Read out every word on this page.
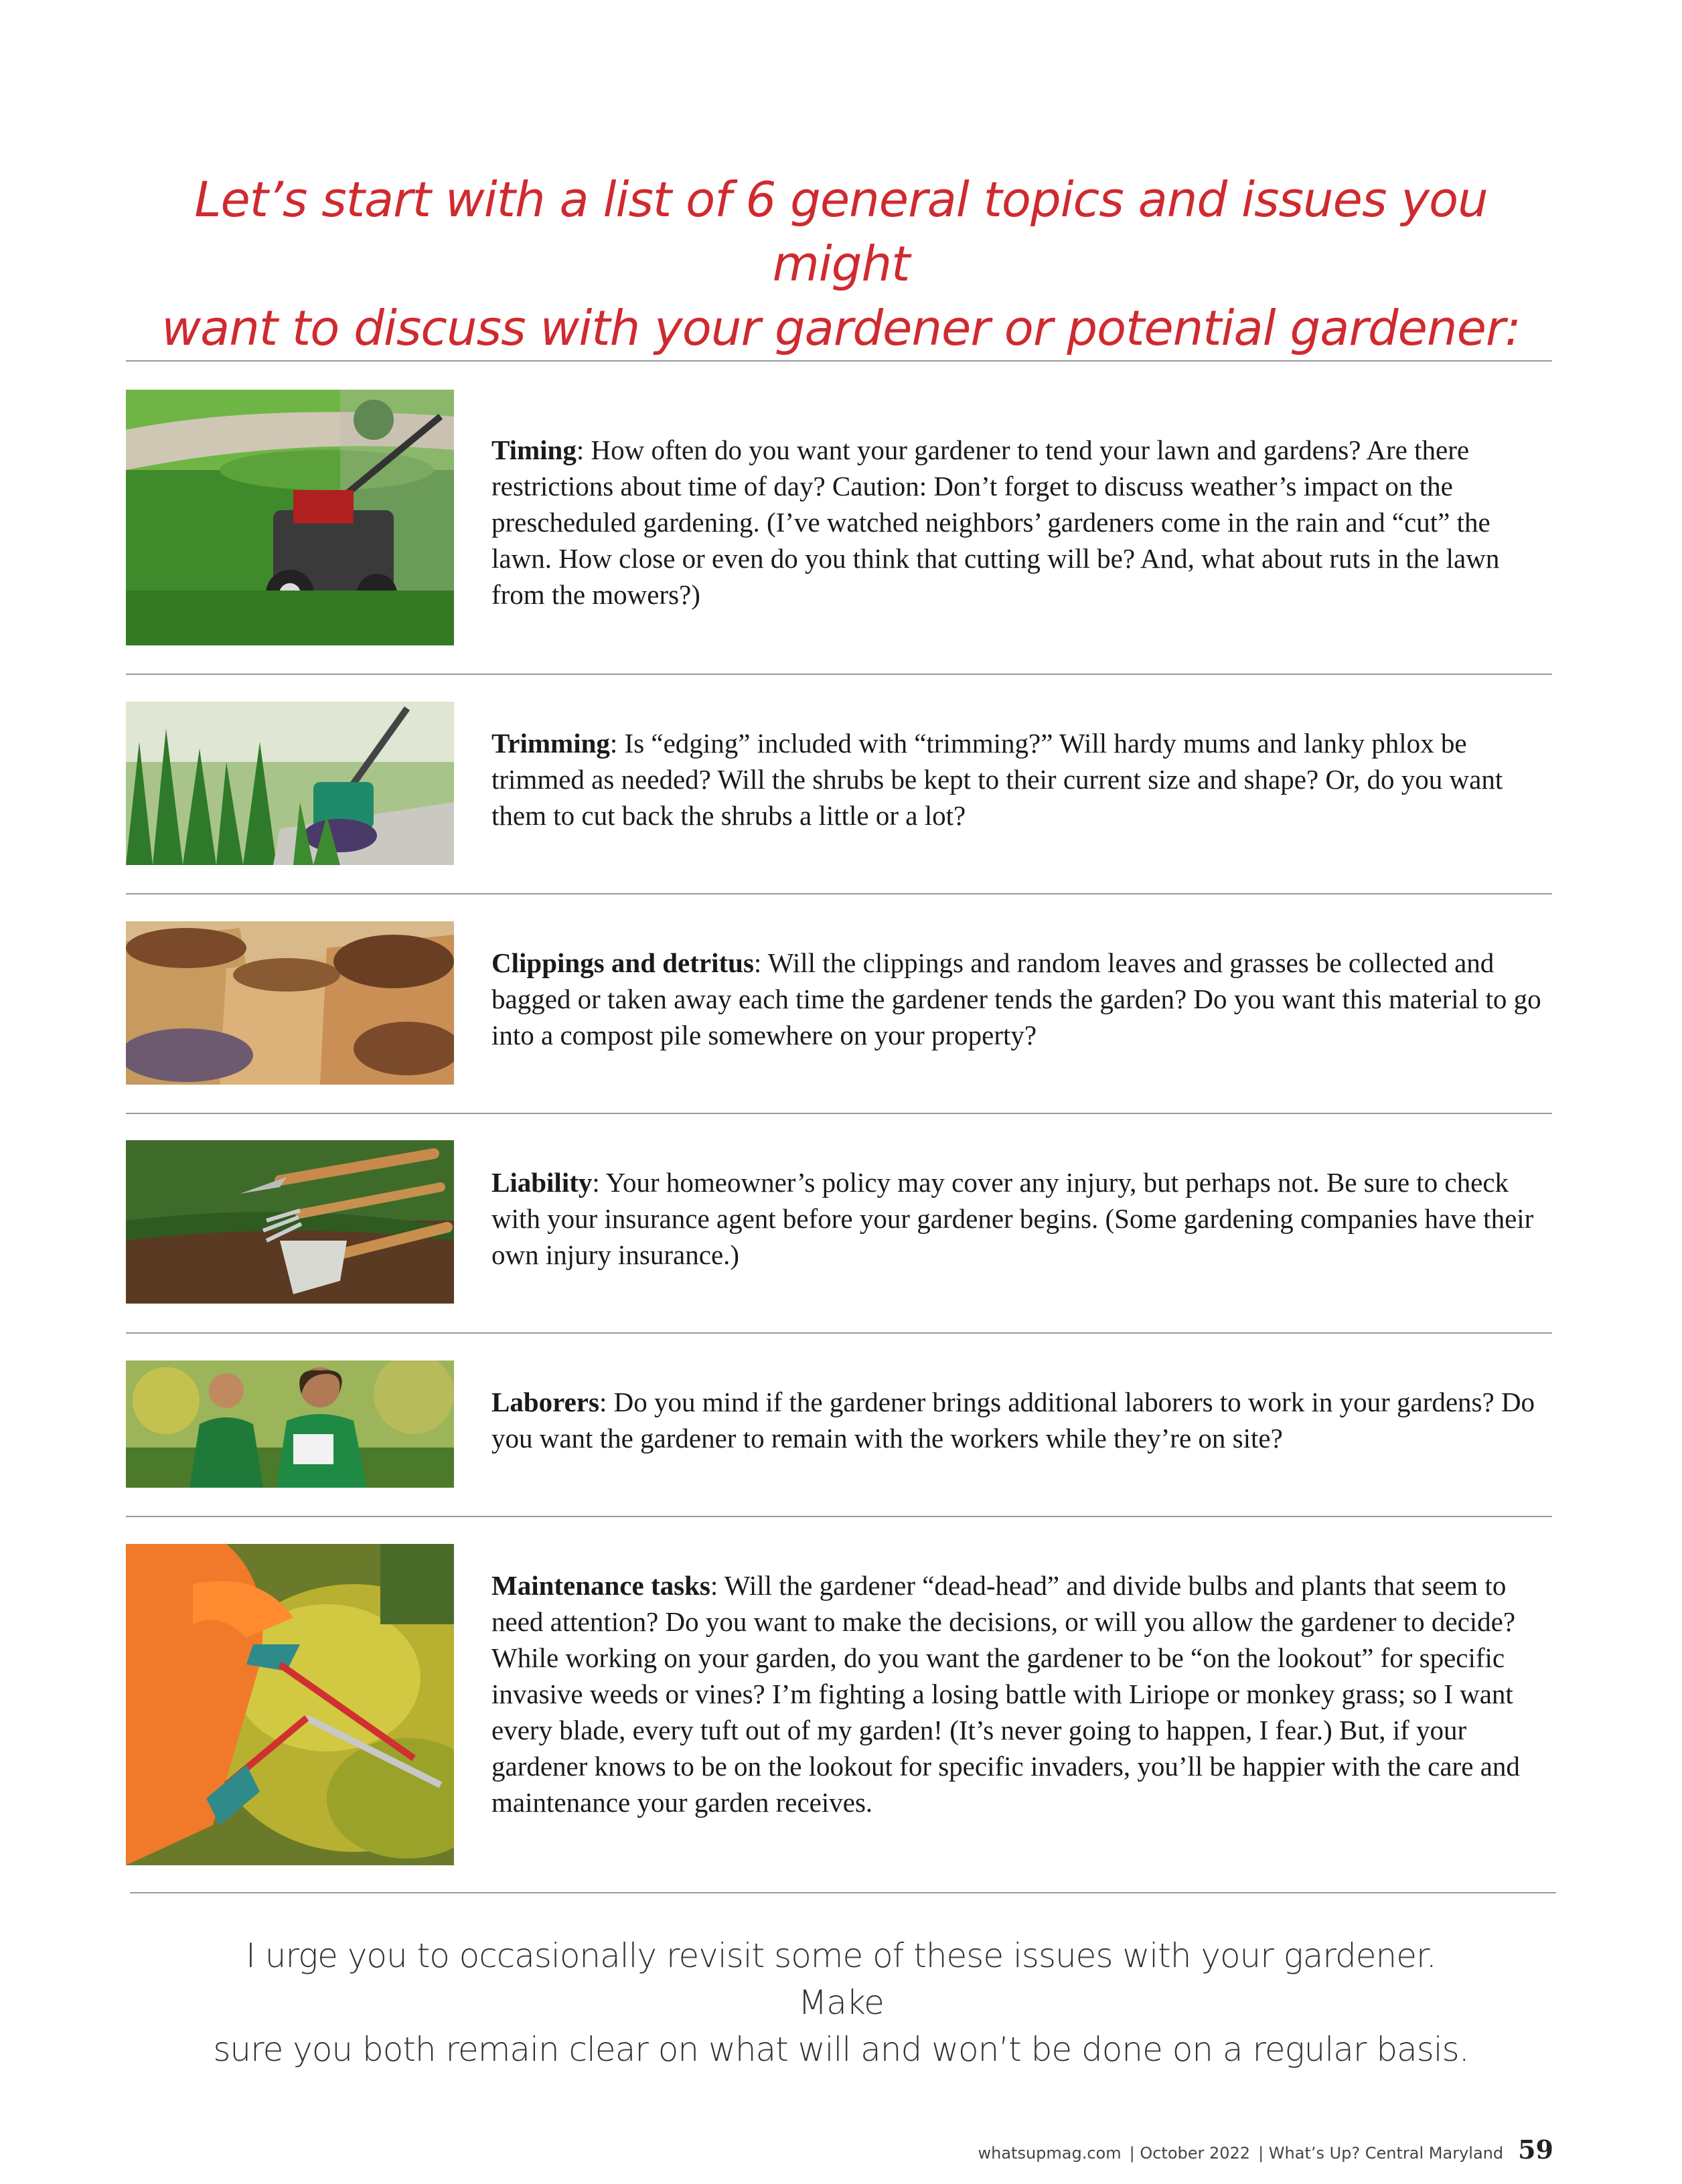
Let’s start with a list of 6 general topics and issues you might
want to discuss with your gardener or potential gardener:
Timing: How often do you want your gardener to tend your lawn and gardens? Are there restrictions about time of day? Caution: Don’t forget to discuss weather’s impact on the prescheduled gardening. (I’ve watched neighbors’ gardeners come in the rain and “cut” the lawn. How close or even do you think that cutting will be? And, what about ruts in the lawn from the mowers?)
Trimming: Is “edging” included with “trimming?” Will hardy mums and lanky phlox be trimmed as needed? Will the shrubs be kept to their current size and shape? Or, do you want them to cut back the shrubs a little or a lot?
Clippings and detritus: Will the clippings and random leaves and grasses be collected and bagged or taken away each time the gardener tends the garden? Do you want this material to go into a compost pile somewhere on your property?
Liability: Your homeowner’s policy may cover any injury, but perhaps not. Be sure to check with your insurance agent before your gardener begins. (Some gardening companies have their own injury insurance.)
Laborers: Do you mind if the gardener brings additional laborers to work in your gardens? Do you want the gardener to remain with the workers while they’re on site?
Maintenance tasks: Will the gardener “dead-head” and divide bulbs and plants that seem to need attention? Do you want to make the decisions, or will you allow the gardener to decide? While working on your garden, do you want the gardener to be “on the lookout” for specific invasive weeds or vines? I’m fighting a losing battle with Liriope or monkey grass; so I want every blade, every tuft out of my garden! (It’s never going to happen, I fear.) But, if your gardener knows to be on the lookout for specific invaders, you’ll be happier with the care and maintenance your garden receives.
I urge you to occasionally revisit some of these issues with your gardener. Make
sure you both remain clear on what will and won’t be done on a regular basis.
whatsupmag.com | October 2022 | What’s Up? Central Maryland 59
